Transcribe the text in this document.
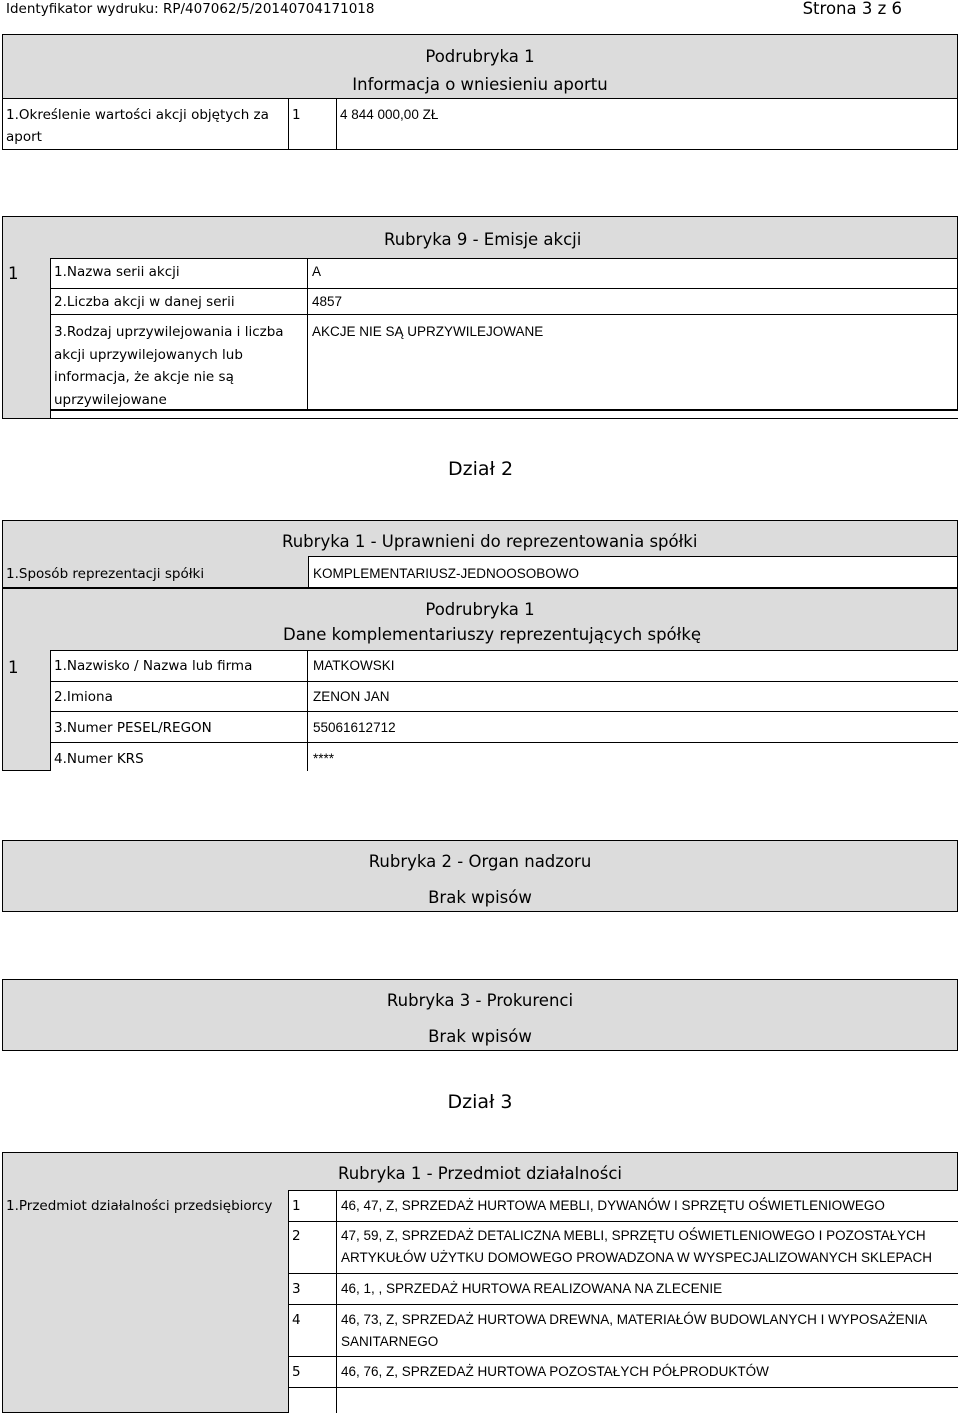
Identyfikator wydruku: RP/407062/5/20140704171018	Strona 3 z 6
Podrubryka 1
Informacja o wniesieniu aportu
1.Określenie wartości akcji objętych za
aport
1	4 844 000,00 ZŁ
Rubryka 9 - Emisje akcji
1	1.Nazwa serii akcji	A
2.Liczba akcji w danej serii	4857
3.Rodzaj uprzywilejowania i liczba
akcji uprzywilejowanych lub
informacja, że akcje nie są
uprzywilejowane
AKCJE NIE SĄ UPRZYWILEJOWANE
Dział 2
Rubryka 1 - Uprawnieni do reprezentowania spółki
1.Sposób reprezentacji spółki	KOMPLEMENTARIUSZ-JEDNOOSOBOWO
Podrubryka 1
Dane komplementariuszy reprezentujących spółkę
1	1.Nazwisko / Nazwa lub firma	MATKOWSKI
2.Imiona	ZENON JAN
3.Numer PESEL/REGON	55061612712
4.Numer KRS	****
Rubryka 2 - Organ nadzoru
Brak wpisów
Rubryka 3 - Prokurenci
Brak wpisów
Dział 3
Rubryka 1 - Przedmiot działalności
1.Przedmiot działalności przedsiębiorcy 1	46, 47, Z, SPRZEDAŻ HURTOWA MEBLI, DYWANÓW I SPRZĘTU OŚWIETLENIOWEGO
2	47, 59, Z, SPRZEDAŻ DETALICZNA MEBLI, SPRZĘTU OŚWIETLENIOWEGO I POZOSTAŁYCH
ARTYKUŁÓW UŻYTKU DOMOWEGO PROWADZONA W WYSPECJALIZOWANYCH SKLEPACH
3	46, 1, , SPRZEDAŻ HURTOWA REALIZOWANA NA ZLECENIE
4	46, 73, Z, SPRZEDAŻ HURTOWA DREWNA, MATERIAŁÓW BUDOWLANYCH I WYPOSAŻENIA
SANITARNEGO
5	46, 76, Z, SPRZEDAŻ HURTOWA POZOSTAŁYCH PÓŁPRODUKTÓW
